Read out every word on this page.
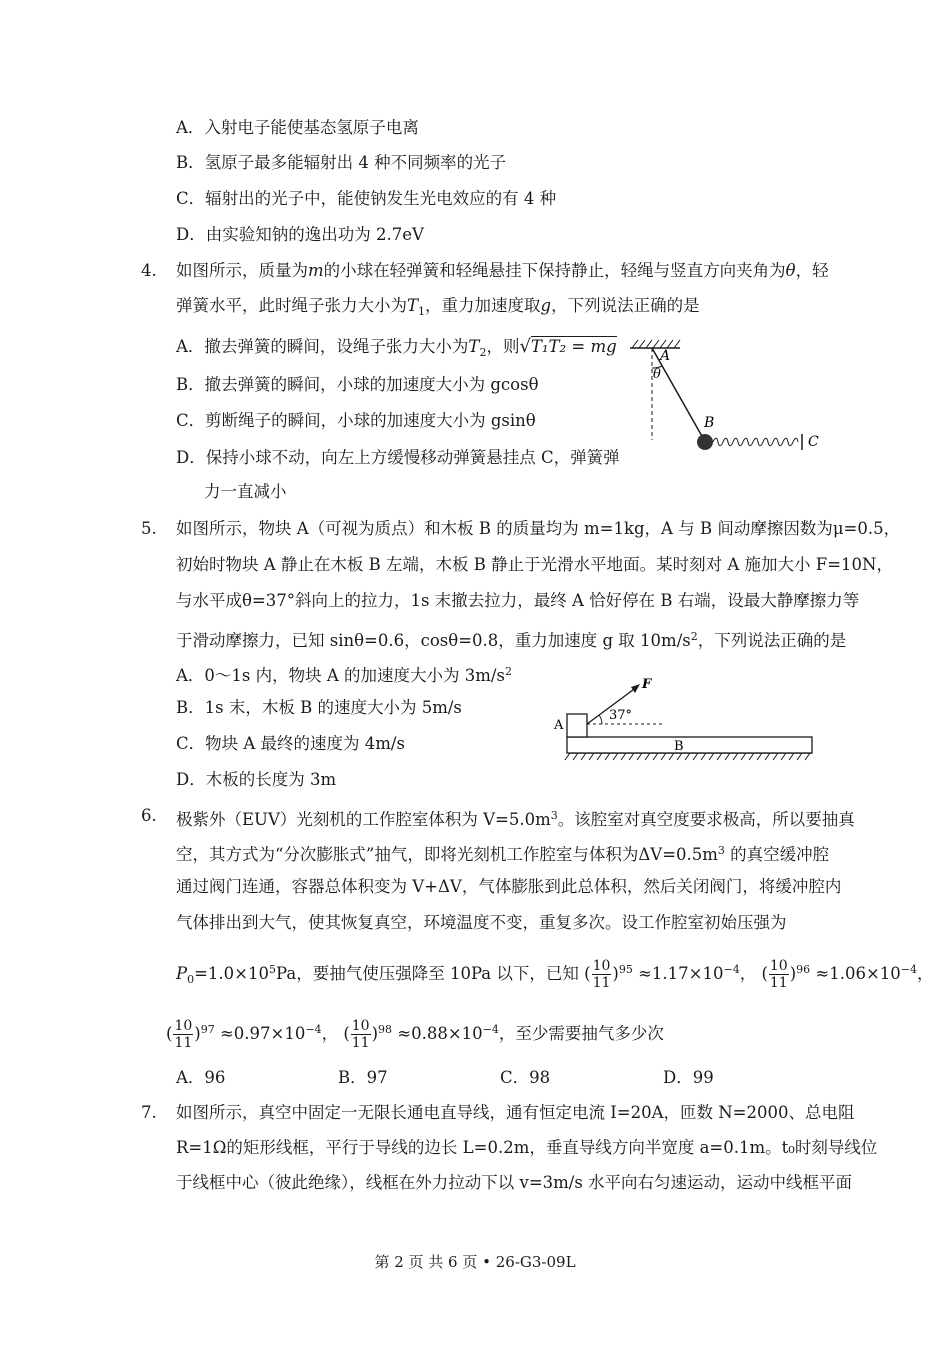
A．入射电子能使基态氢原子电离
B．氢原子最多能辐射出 4 种不同频率的光子
C．辐射出的光子中，能使钠发生光电效应的有 4 种
D．由实验知钠的逸出功为 2.7eV
4. 如图所示，质量为m的小球在轻弹簧和轻绳悬挂下保持静止，轻绳与竖直方向夹角为θ，轻
弹簧水平，此时绳子张力大小为$T_1$，重力加速度取g，下列说法正确的是
A．撤去弹簧的瞬间，设绳子张力大小为$T_2$，则√T₁T₂ = mg
B．撤去弹簧的瞬间，小球的加速度大小为 gcosθ
C．剪断绳子的瞬间，小球的加速度大小为 gsinθ
D．保持小球不动，向左上方缓慢移动弹簧悬挂点 C，弹簧弹
力一直减小
A
θ
B
C
5. 如图所示，物块 A（可视为质点）和木板 B 的质量均为 m=1kg，A 与 B 间动摩擦因数为μ=0.5，
初始时物块 A 静止在木板 B 左端，木板 B 静止于光滑水平地面。某时刻对 A 施加大小 F=10N，
与水平成θ=37°斜向上的拉力，1s 末撤去拉力，最终 A 恰好停在 B 右端，设最大静摩擦力等
于滑动摩擦力，已知 sinθ=0.6，cosθ=0.8，重力加速度 g 取 $10m/s^2$，下列说法正确的是
A．0～1s 内，物块 A 的加速度大小为 $3m/s^2$
B．1s 末，木板 B 的速度大小为 5m/s
C．物块 A 最终的速度为 4m/s
D．木板的长度为 3m
F
A
37°
B
6. 极紫外（EUV）光刻机的工作腔室体积为 $V=5.0m^3$。该腔室对真空度要求极高，所以要抽真
空，其方式为“分次膨胀式”抽气，即将光刻机工作腔室与体积为$\Delta V=0.5m^3$ 的真空缓冲腔
通过阀门连通，容器总体积变为 V+ΔV，气体膨胀到此总体积，然后关闭阀门，将缓冲腔内
气体排出到大气，使其恢复真空，环境温度不变，重复多次。设工作腔室初始压强为
$P_0=1.0\times 10^5Pa$，要抽气使压强降至 10Pa 以下，已知 ( $\frac{10}{11} )^{95} \approx 1.17\times 10^{-4}$， ( $\frac{10}{11} )^{96} \approx 1.06\times 10^{-4}$，
( $\frac{10}{11} )^{97} \approx 0.97\times 10^{-4}$， ( $\frac{10}{11} )^{98} \approx 0.88\times 10^{-4}$，至少需要抽气多少次
A．96	B．97	C．98	D．99
7. 如图所示，真空中固定一无限长通电直导线，通有恒定电流 I=20A，匝数 N=2000、总电阻
R=1Ω的矩形线框，平行于导线的边长 L=0.2m，垂直导线方向半宽度 a=0.1m。t₀时刻导线位
于线框中心（彼此绝缘），线框在外力拉动下以 v=3m/s 水平向右匀速运动，运动中线框平面
第 2 页 共 6 页 • 26-G3-09L
